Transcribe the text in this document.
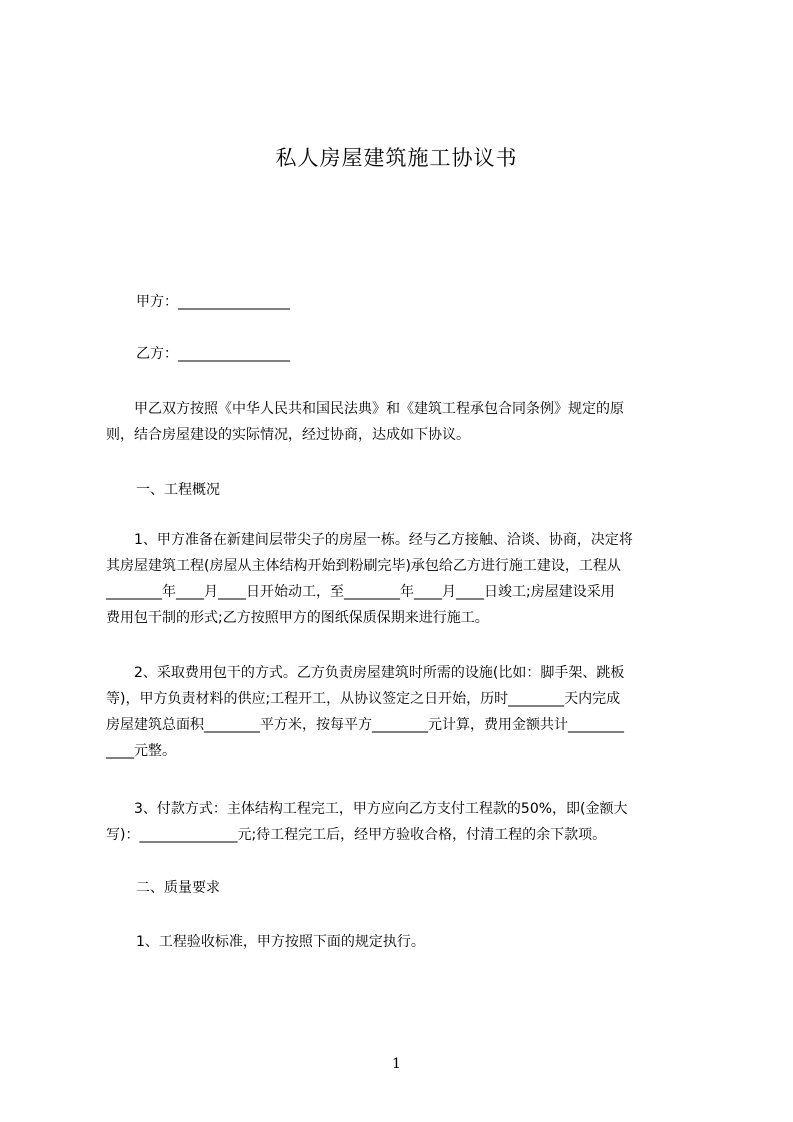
私人房屋建筑施工协议书
甲方：________________
乙方：________________
甲乙双方按照《中华人民共和国民法典》和《建筑工程承包合同条例》规定的原
则，结合房屋建设的实际情况，经过协商，达成如下协议。
一、工程概况
1、甲方准备在新建间层带尖子的房屋一栋。经与乙方接触、洽谈、协商，决定将
其房屋建筑工程(房屋从主体结构开始到粉刷完毕)承包给乙方进行施工建设，工程从
________年____月____日开始动工，至________年____月____日竣工;房屋建设采用
费用包干制的形式;乙方按照甲方的图纸保质保期来进行施工。
2、采取费用包干的方式。乙方负责房屋建筑时所需的设施(比如：脚手架、跳板
等)，甲方负责材料的供应;工程开工，从协议签定之日开始，历时________天内完成
房屋建筑总面积________平方米，按每平方________元计算，费用金额共计________
____元整。
3、付款方式：主体结构工程完工，甲方应向乙方支付工程款的50%，即(金额大
写)：______________元;待工程完工后，经甲方验收合格，付清工程的余下款项。
二、质量要求
1、工程验收标准，甲方按照下面的规定执行。
1
